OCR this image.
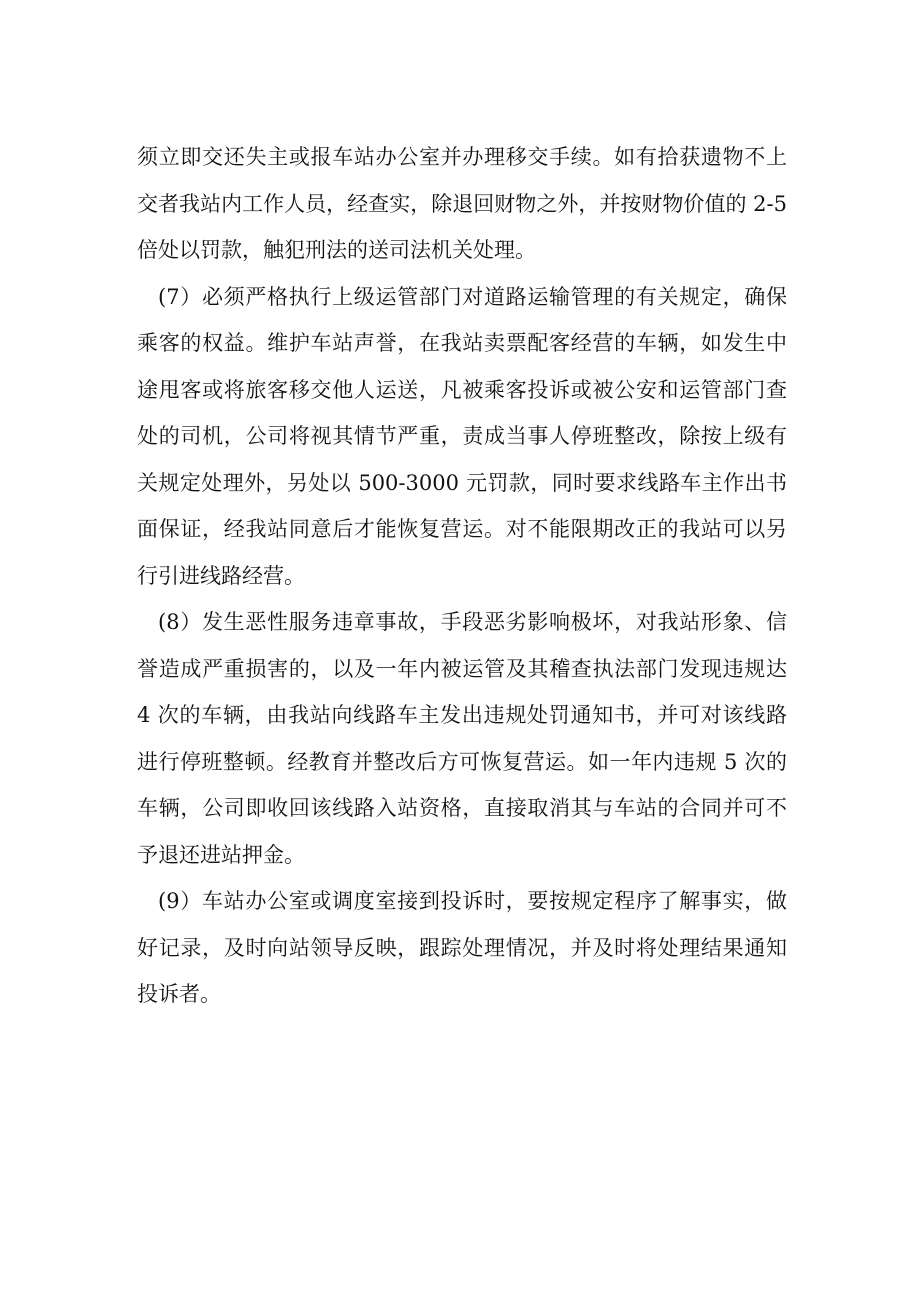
须立即交还失主或报车站办公室并办理移交手续。如有拾获遗物不上交者我站内工作人员，经查实，除退回财物之外，并按财物价值的 2-5 倍处以罚款，触犯刑法的送司法机关处理。

(7）必须严格执行上级运管部门对道路运输管理的有关规定，确保乘客的权益。维护车站声誉，在我站卖票配客经营的车辆，如发生中途甩客或将旅客移交他人运送，凡被乘客投诉或被公安和运管部门查处的司机，公司将视其情节严重，责成当事人停班整改，除按上级有关规定处理外，另处以 500-3000 元罚款，同时要求线路车主作出书面保证，经我站同意后才能恢复营运。对不能限期改正的我站可以另行引进线路经营。

(8）发生恶性服务违章事故，手段恶劣影响极坏，对我站形象、信誉造成严重损害的，以及一年内被运管及其稽查执法部门发现违规达 4 次的车辆，由我站向线路车主发出违规处罚通知书，并可对该线路进行停班整顿。经教育并整改后方可恢复营运。如一年内违规 5 次的车辆，公司即收回该线路入站资格，直接取消其与车站的合同并可不予退还进站押金。

(9）车站办公室或调度室接到投诉时，要按规定程序了解事实，做好记录，及时向站领导反映，跟踪处理情况，并及时将处理结果通知投诉者。
